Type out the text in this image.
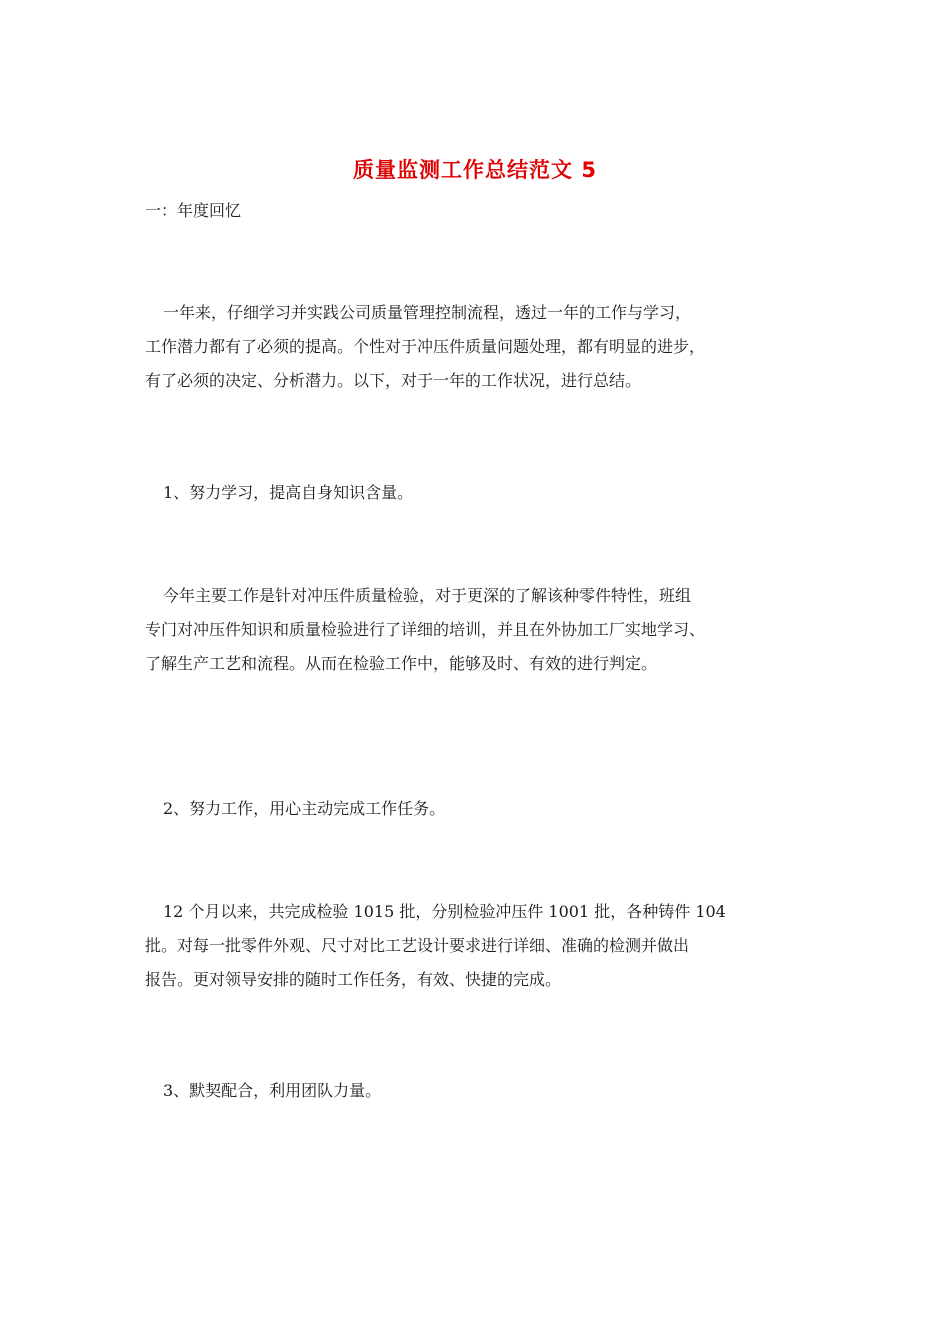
质量监测工作总结范文 5

一：年度回忆

一年来，仔细学习并实践公司质量管理控制流程，透过一年的工作与学习，
工作潜力都有了必须的提高。个性对于冲压件质量问题处理，都有明显的进步，
有了必须的决定、分析潜力。以下，对于一年的工作状况，进行总结。

1、努力学习，提高自身知识含量。

今年主要工作是针对冲压件质量检验，对于更深的了解该种零件特性，班组
专门对冲压件知识和质量检验进行了详细的培训，并且在外协加工厂实地学习、
了解生产工艺和流程。从而在检验工作中，能够及时、有效的进行判定。

2、努力工作，用心主动完成工作任务。

12 个月以来，共完成检验 1015 批，分别检验冲压件 1001 批，各种铸件 104
批。对每一批零件外观、尺寸对比工艺设计要求进行详细、准确的检测并做出
报告。更对领导安排的随时工作任务，有效、快捷的完成。

3、默契配合，利用团队力量。
